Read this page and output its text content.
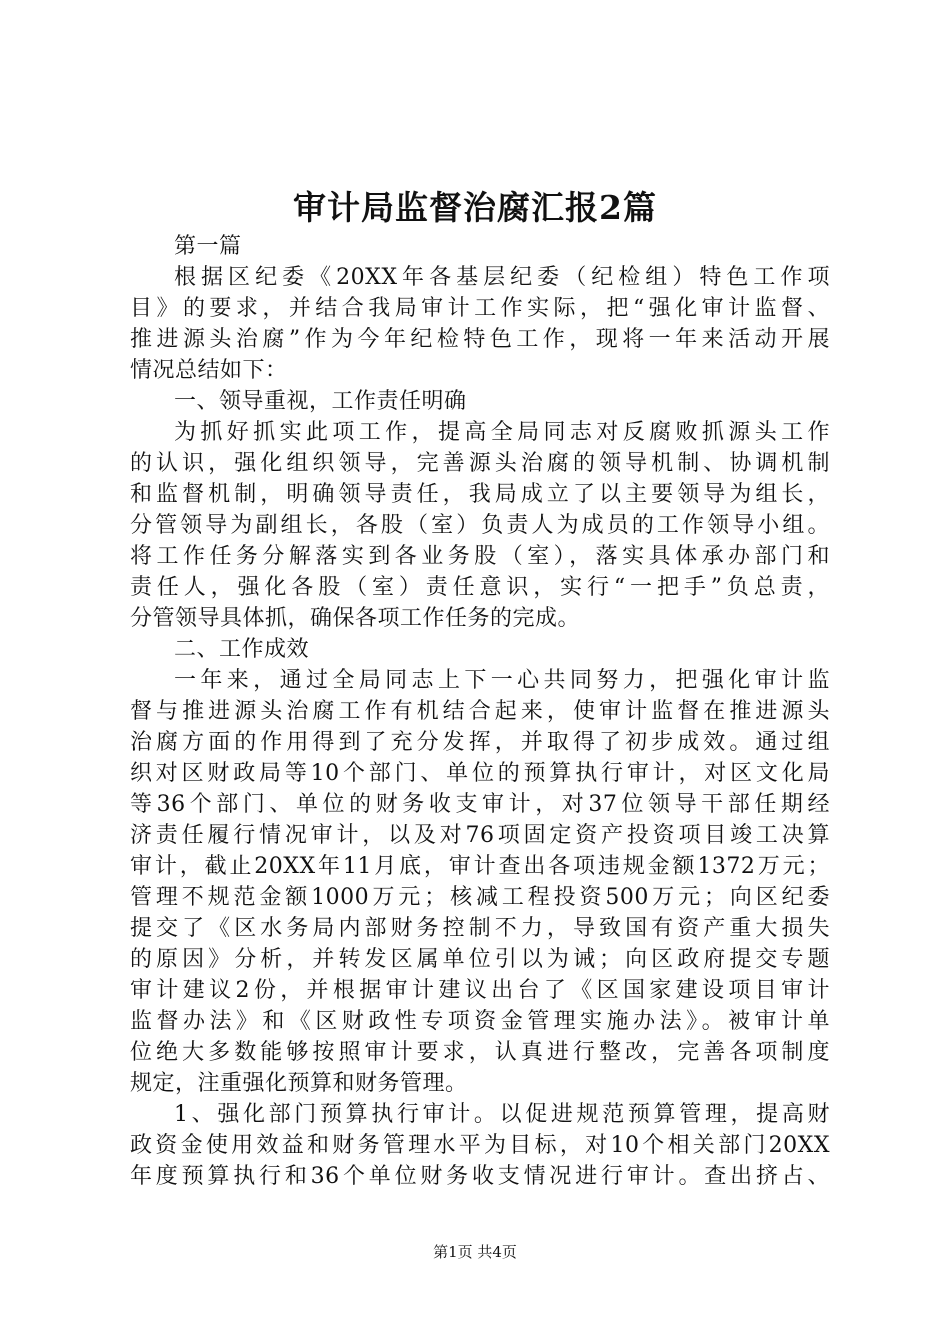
审计局监督治腐汇报2篇
第一篇
根据区纪委《20XX年各基层纪委（纪检组）特色工作项
目》的要求，并结合我局审计工作实际，把“强化审计监督、
推进源头治腐”作为今年纪检特色工作，现将一年来活动开展
情况总结如下：
一、领导重视，工作责任明确
为抓好抓实此项工作，提高全局同志对反腐败抓源头工作
的认识，强化组织领导，完善源头治腐的领导机制、协调机制
和监督机制，明确领导责任，我局成立了以主要领导为组长，
分管领导为副组长，各股（室）负责人为成员的工作领导小组。
将工作任务分解落实到各业务股（室），落实具体承办部门和
责任人，强化各股（室）责任意识，实行“一把手”负总责，
分管领导具体抓，确保各项工作任务的完成。
二、工作成效
一年来，通过全局同志上下一心共同努力，把强化审计监
督与推进源头治腐工作有机结合起来，使审计监督在推进源头
治腐方面的作用得到了充分发挥，并取得了初步成效。通过组
织对区财政局等10个部门、单位的预算执行审计，对区文化局
等36个部门、单位的财务收支审计，对37位领导干部任期经
济责任履行情况审计，以及对76项固定资产投资项目竣工决算
审计，截止20XX年11月底，审计查出各项违规金额1372万元；
管理不规范金额1000万元；核减工程投资500万元；向区纪委
提交了《区水务局内部财务控制不力，导致国有资产重大损失
的原因》分析，并转发区属单位引以为诫；向区政府提交专题
审计建议2份，并根据审计建议出台了《区国家建设项目审计
监督办法》和《区财政性专项资金管理实施办法》。被审计单
位绝大多数能够按照审计要求，认真进行整改，完善各项制度
规定，注重强化预算和财务管理。
1、强化部门预算执行审计。以促进规范预算管理，提高财
政资金使用效益和财务管理水平为目标，对10个相关部门20XX
年度预算执行和36个单位财务收支情况进行审计。查出挤占、
第1页 共4页
